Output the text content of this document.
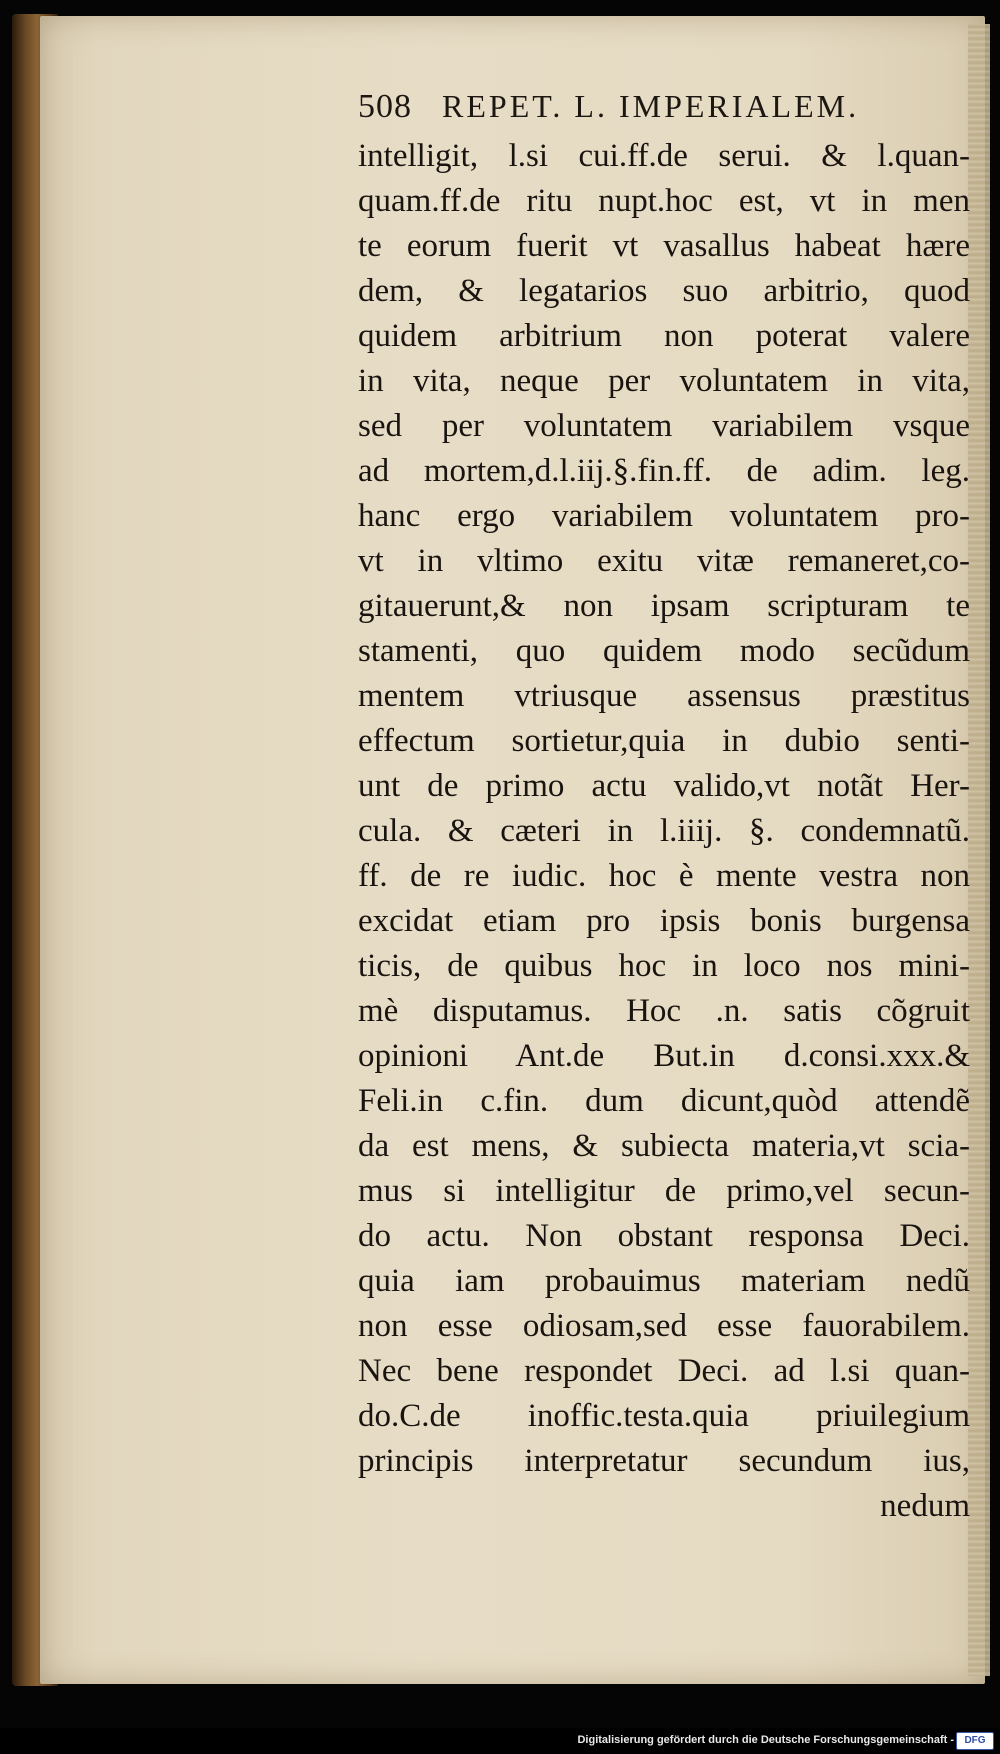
508 REPET. L. IMPERIALEM.
intelligit, l.si cui.ff.de serui. & l.quan-
quam.ff.de ritu nupt.hoc est, vt in men
te eorum fuerit vt vasallus habeat hære
dem, & legatarios suo arbitrio, quod
quidem arbitrium non poterat valere
in vita, neque per voluntatem in vita,
sed per voluntatem variabilem vsque
ad mortem,d.l.iij.§.fin.ff. de adim. leg.
hanc ergo variabilem voluntatem pro-
vt in vltimo exitu vitæ remaneret,co-
gitauerunt,& non ipsam scripturam te
stamenti, quo quidem modo secũdum
mentem vtriusque assensus præstitus
effectum sortietur,quia in dubio senti-
unt de primo actu valido,vt notãt Her-
cula. & cæteri in l.iiij. §. condemnatũ.
ff. de re iudic. hoc è mente vestra non
excidat etiam pro ipsis bonis burgensa
ticis, de quibus hoc in loco nos mini-
mè disputamus. Hoc .n. satis cõgruit
opinioni Ant.de But.in d.consi.xxx.&
Feli.in c.fin. dum dicunt,quòd attendẽ
da est mens, & subiecta materia,vt scia-
mus si intelligitur de primo,vel secun-
do actu. Non obstant responsa Deci.
quia iam probauimus materiam nedũ
non esse odiosam,sed esse fauorabilem.
Nec bene respondet Deci. ad l.si quan-
do.C.de inoffic.testa.quia priuilegium
principis interpretatur secundum ius,
nedum
Digitalisierung gefördert durch die Deutsche Forschungsgemeinschaft -	DFG
